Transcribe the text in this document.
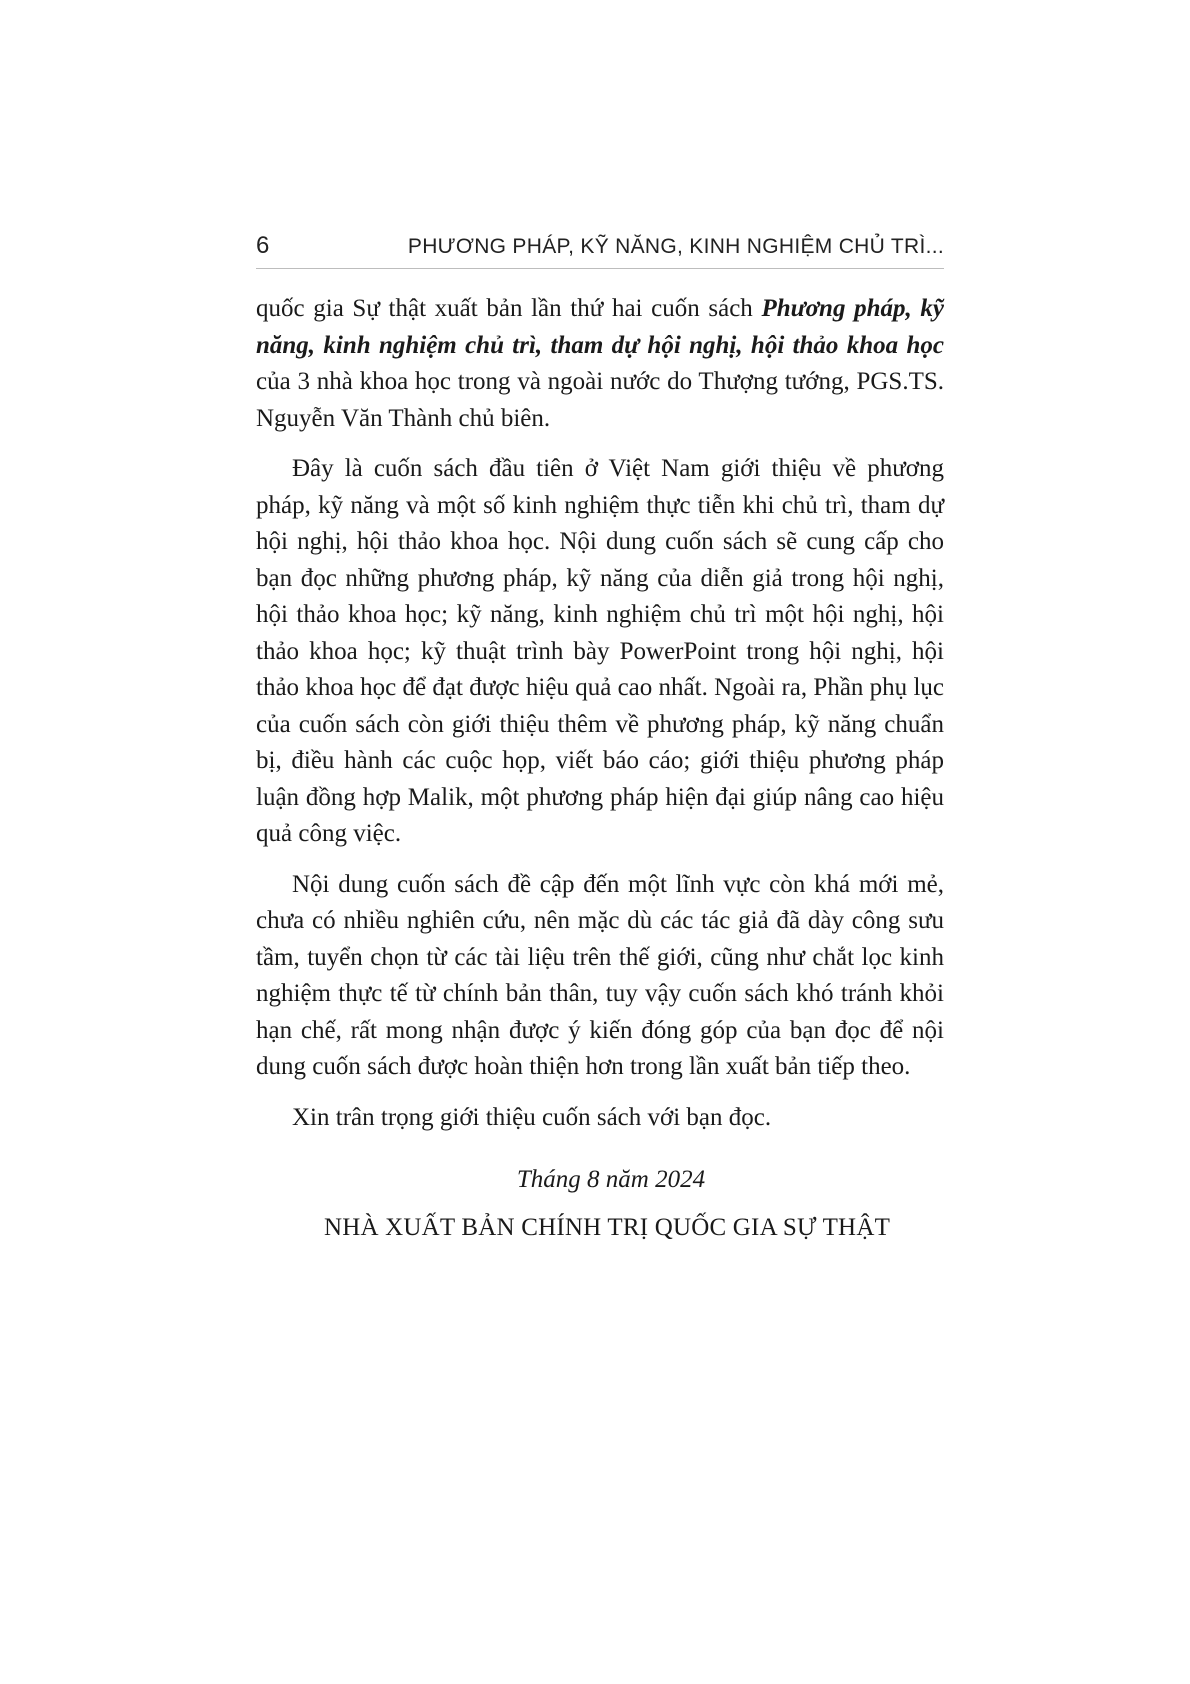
6	PHƯƠNG PHÁP, KỸ NĂNG, KINH NGHIỆM CHỦ TRÌ...

quốc gia Sự thật xuất bản lần thứ hai cuốn sách Phương pháp, kỹ năng, kinh nghiệm chủ trì, tham dự hội nghị, hội thảo khoa học của 3 nhà khoa học trong và ngoài nước do Thượng tướng, PGS.TS. Nguyễn Văn Thành chủ biên.

Đây là cuốn sách đầu tiên ở Việt Nam giới thiệu về phương pháp, kỹ năng và một số kinh nghiệm thực tiễn khi chủ trì, tham dự hội nghị, hội thảo khoa học. Nội dung cuốn sách sẽ cung cấp cho bạn đọc những phương pháp, kỹ năng của diễn giả trong hội nghị, hội thảo khoa học; kỹ năng, kinh nghiệm chủ trì một hội nghị, hội thảo khoa học; kỹ thuật trình bày PowerPoint trong hội nghị, hội thảo khoa học để đạt được hiệu quả cao nhất. Ngoài ra, Phần phụ lục của cuốn sách còn giới thiệu thêm về phương pháp, kỹ năng chuẩn bị, điều hành các cuộc họp, viết báo cáo; giới thiệu phương pháp luận đồng hợp Malik, một phương pháp hiện đại giúp nâng cao hiệu quả công việc.

Nội dung cuốn sách đề cập đến một lĩnh vực còn khá mới mẻ, chưa có nhiều nghiên cứu, nên mặc dù các tác giả đã dày công sưu tầm, tuyển chọn từ các tài liệu trên thế giới, cũng như chắt lọc kinh nghiệm thực tế từ chính bản thân, tuy vậy cuốn sách khó tránh khỏi hạn chế, rất mong nhận được ý kiến đóng góp của bạn đọc để nội dung cuốn sách được hoàn thiện hơn trong lần xuất bản tiếp theo.

Xin trân trọng giới thiệu cuốn sách với bạn đọc.

Tháng 8 năm 2024
NHÀ XUẤT BẢN CHÍNH TRỊ QUỐC GIA SỰ THẬT
